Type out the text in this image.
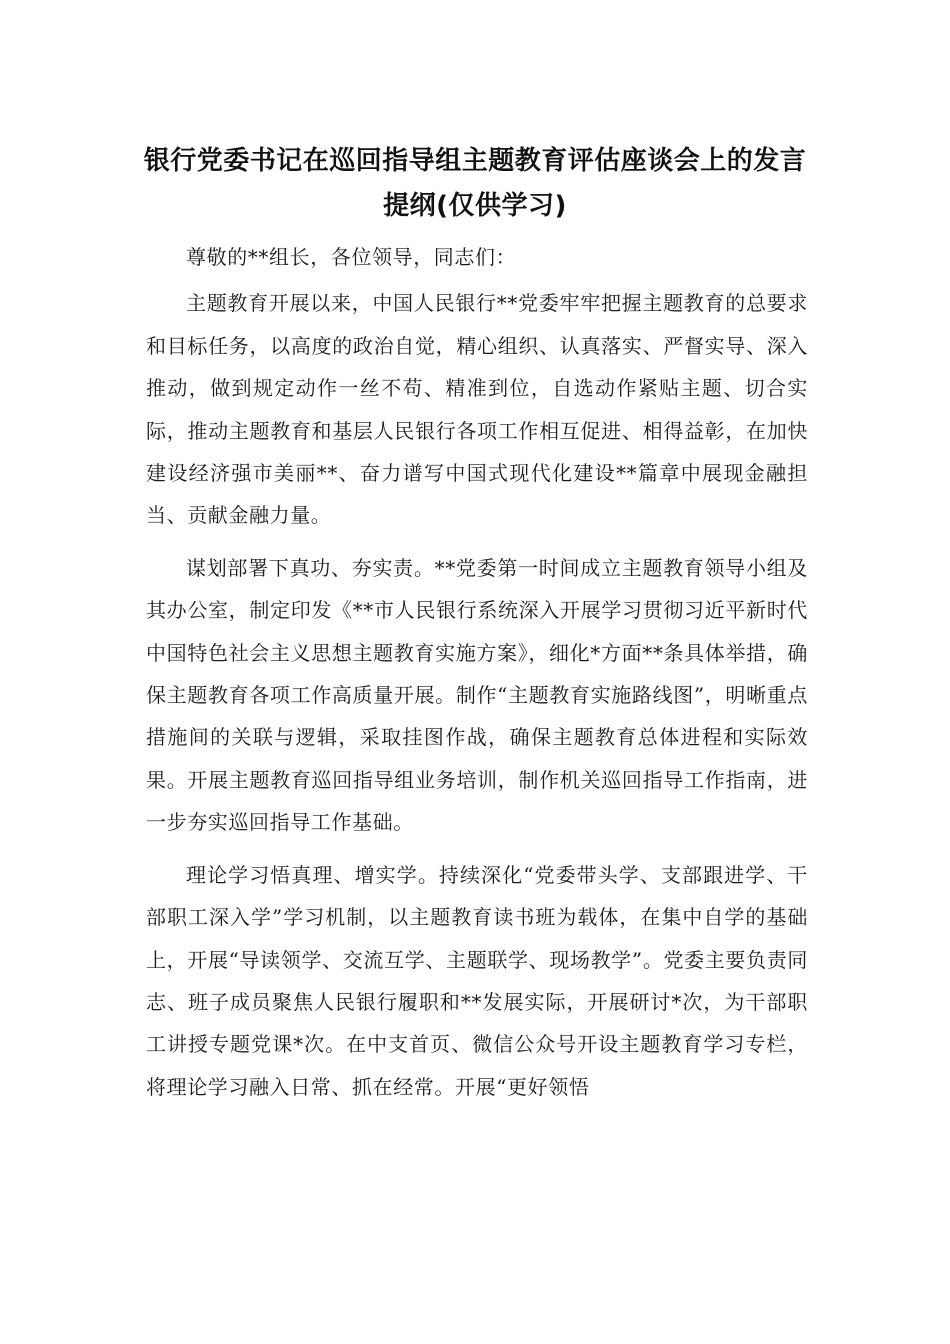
银行党委书记在巡回指导组主题教育评估座谈会上的发言
提纲(仅供学习)

尊敬的**组长，各位领导，同志们：

主题教育开展以来，中国人民银行**党委牢牢把握主题教育的总要求和目标任务，以高度的政治自觉，精心组织、认真落实、严督实导、深入推动，做到规定动作一丝不苟、精准到位，自选动作紧贴主题、切合实际，推动主题教育和基层人民银行各项工作相互促进、相得益彰，在加快建设经济强市美丽**、奋力谱写中国式现代化建设**篇章中展现金融担当、贡献金融力量。

谋划部署下真功、夯实责。**党委第一时间成立主题教育领导小组及其办公室，制定印发《**市人民银行系统深入开展学习贯彻习近平新时代中国特色社会主义思想主题教育实施方案》，细化*方面**条具体举措，确保主题教育各项工作高质量开展。制作“主题教育实施路线图”，明晰重点措施间的关联与逻辑，采取挂图作战，确保主题教育总体进程和实际效果。开展主题教育巡回指导组业务培训，制作机关巡回指导工作指南，进一步夯实巡回指导工作基础。

理论学习悟真理、增实学。持续深化“党委带头学、支部跟进学、干部职工深入学”学习机制，以主题教育读书班为载体，在集中自学的基础上，开展“导读领学、交流互学、主题联学、现场教学”。党委主要负责同志、班子成员聚焦人民银行履职和**发展实际，开展研讨*次，为干部职工讲授专题党课*次。在中支首页、微信公众号开设主题教育学习专栏，将理论学习融入日常、抓在经常。开展“更好领悟
